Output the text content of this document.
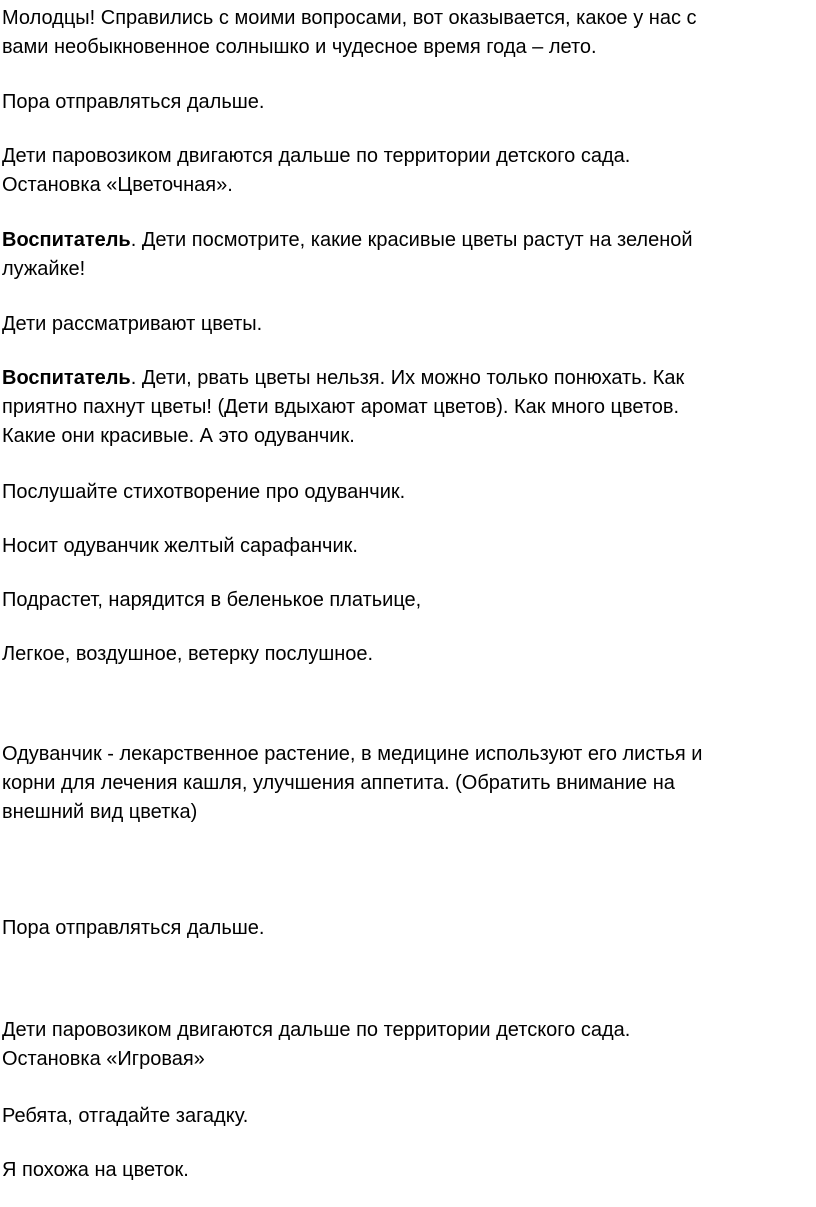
Молодцы! Справились с моими вопросами, вот оказывается, какое у нас с
вами необыкновенное солнышко и чудесное время года – лето.

Пора отправляться дальше.

Дети паровозиком двигаются дальше по территории детского сада.
Остановка «Цветочная».

Воспитатель. Дети посмотрите, какие красивые цветы растут на зеленой
лужайке!

Дети рассматривают цветы.

Воспитатель. Дети, рвать цветы нельзя. Их можно только понюхать. Как
приятно пахнут цветы! (Дети вдыхают аромат цветов). Как много цветов.
Какие они красивые. А это одуванчик.

Послушайте стихотворение про одуванчик.

Носит одуванчик желтый сарафанчик.

Подрастет, нарядится в беленькое платьице,

Легкое, воздушное, ветерку послушное.

Одуванчик - лекарственное растение, в медицине используют его листья и
корни для лечения кашля, улучшения аппетита. (Обратить внимание на
внешний вид цветка)

Пора отправляться дальше.

Дети паровозиком двигаются дальше по территории детского сада.
Остановка «Игровая»

Ребята, отгадайте загадку.

Я похожа на цветок.
